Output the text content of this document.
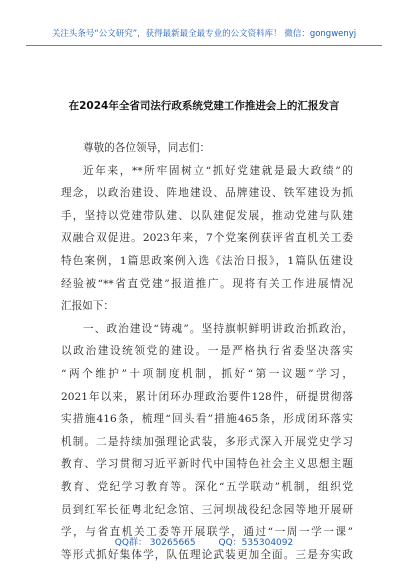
关注头条号“公文研究”，获得最新最全最专业的公文资料库！ 微信：gongwenyj
在2024年全省司法行政系统党建工作推进会上的汇报发言
尊敬的各位领导，同志们：
近年来，**所牢固树立“抓好党建就是最大政绩”的
理念，以政治建设、阵地建设、品牌建设、铁军建设为抓
手，坚持以党建带队建、以队建促发展，推动党建与队建
双融合双促进。2023年来，7个党案例获评省直机关工委
特色案例，1篇思政案例入选《法治日报》，1篇队伍建设
经验被“**省直党建”报道推广。现将有关工作进展情况
汇报如下：
一、政治建设“铸魂”。坚持旗帜鲜明讲政治抓政治，
以政治建设统领党的建设。一是严格执行省委坚决落实
“两个维护”十项制度机制，抓好“第一议题”学习，
2021年以来，累计闭环办理政治要件128件，研提贯彻落
实措施416条，梳理“回头看”措施465条，形成闭环落实
机制。二是持续加强理论武装，多形式深入开展党史学习
教育、学习贯彻习近平新时代中国特色社会主义思想主题
教育、党纪学习教育等。深化“五学联动”机制，组织党
员到红军长征粤北纪念馆、三河坝战役纪念园等地开展研
学，与省直机关工委等开展联学，通过“一周一学一课”
等形式抓好集体学，队伍理论武装更加全面。三是夯实政
QQ群： 30265665	QQ：535304092
